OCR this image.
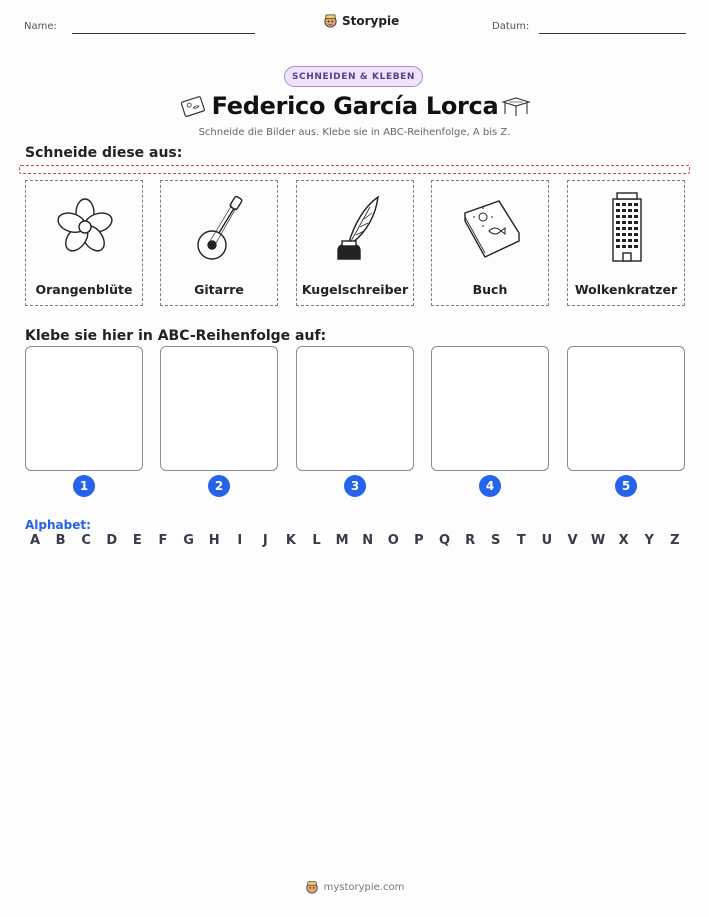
Name:	Storypie	Datum:
SCHNEIDEN & KLEBEN
Federico García Lorca
Schneide die Bilder aus. Klebe sie in ABC-Reihenfolge, A bis Z.
Schneide diese aus:
Orangenblüte	Gitarre	Kugelschreiber	Buch	Wolkenkratzer
Klebe sie hier in ABC-Reihenfolge auf:
1	2	3	4	5
Alphabet:
A	B	C	D	E	F	G	H	I	J	K	L	M	N	O	P	Q	R	S	T	U	V	W	X	Y	Z
mystorypie.com
